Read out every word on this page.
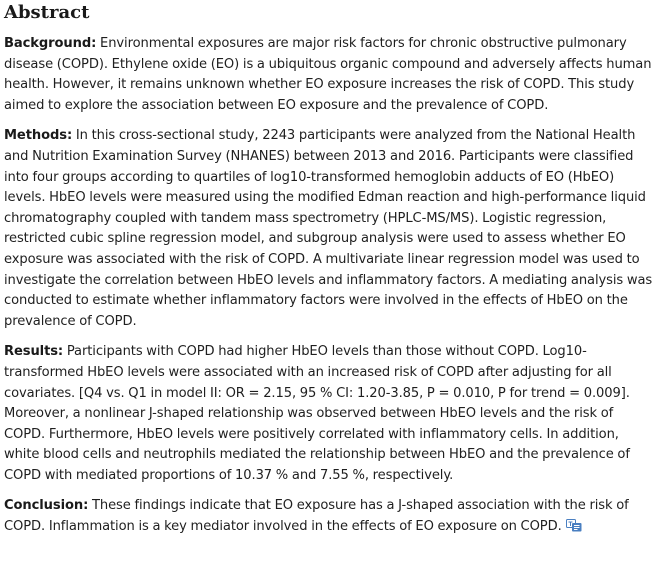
Abstract

Background: Environmental exposures are major risk factors for chronic obstructive pulmonary disease (COPD). Ethylene oxide (EO) is a ubiquitous organic compound and adversely affects human health. However, it remains unknown whether EO exposure increases the risk of COPD. This study aimed to explore the association between EO exposure and the prevalence of COPD.

Methods: In this cross-sectional study, 2243 participants were analyzed from the National Health and Nutrition Examination Survey (NHANES) between 2013 and 2016. Participants were classified into four groups according to quartiles of log10-transformed hemoglobin adducts of EO (HbEO) levels. HbEO levels were measured using the modified Edman reaction and high-performance liquid chromatography coupled with tandem mass spectrometry (HPLC-MS/MS). Logistic regression, restricted cubic spline regression model, and subgroup analysis were used to assess whether EO exposure was associated with the risk of COPD. A multivariate linear regression model was used to investigate the correlation between HbEO levels and inflammatory factors. A mediating analysis was conducted to estimate whether inflammatory factors were involved in the effects of HbEO on the prevalence of COPD.

Results: Participants with COPD had higher HbEO levels than those without COPD. Log10-transformed HbEO levels were associated with an increased risk of COPD after adjusting for all covariates. [Q4 vs. Q1 in model II: OR = 2.15, 95 % CI: 1.20-3.85, P = 0.010, P for trend = 0.009]. Moreover, a nonlinear J-shaped relationship was observed between HbEO levels and the risk of COPD. Furthermore, HbEO levels were positively correlated with inflammatory cells. In addition, white blood cells and neutrophils mediated the relationship between HbEO and the prevalence of COPD with mediated proportions of 10.37 % and 7.55 %, respectively.

Conclusion: These findings indicate that EO exposure has a J-shaped association with the risk of COPD. Inflammation is a key mediator involved in the effects of EO exposure on COPD.
